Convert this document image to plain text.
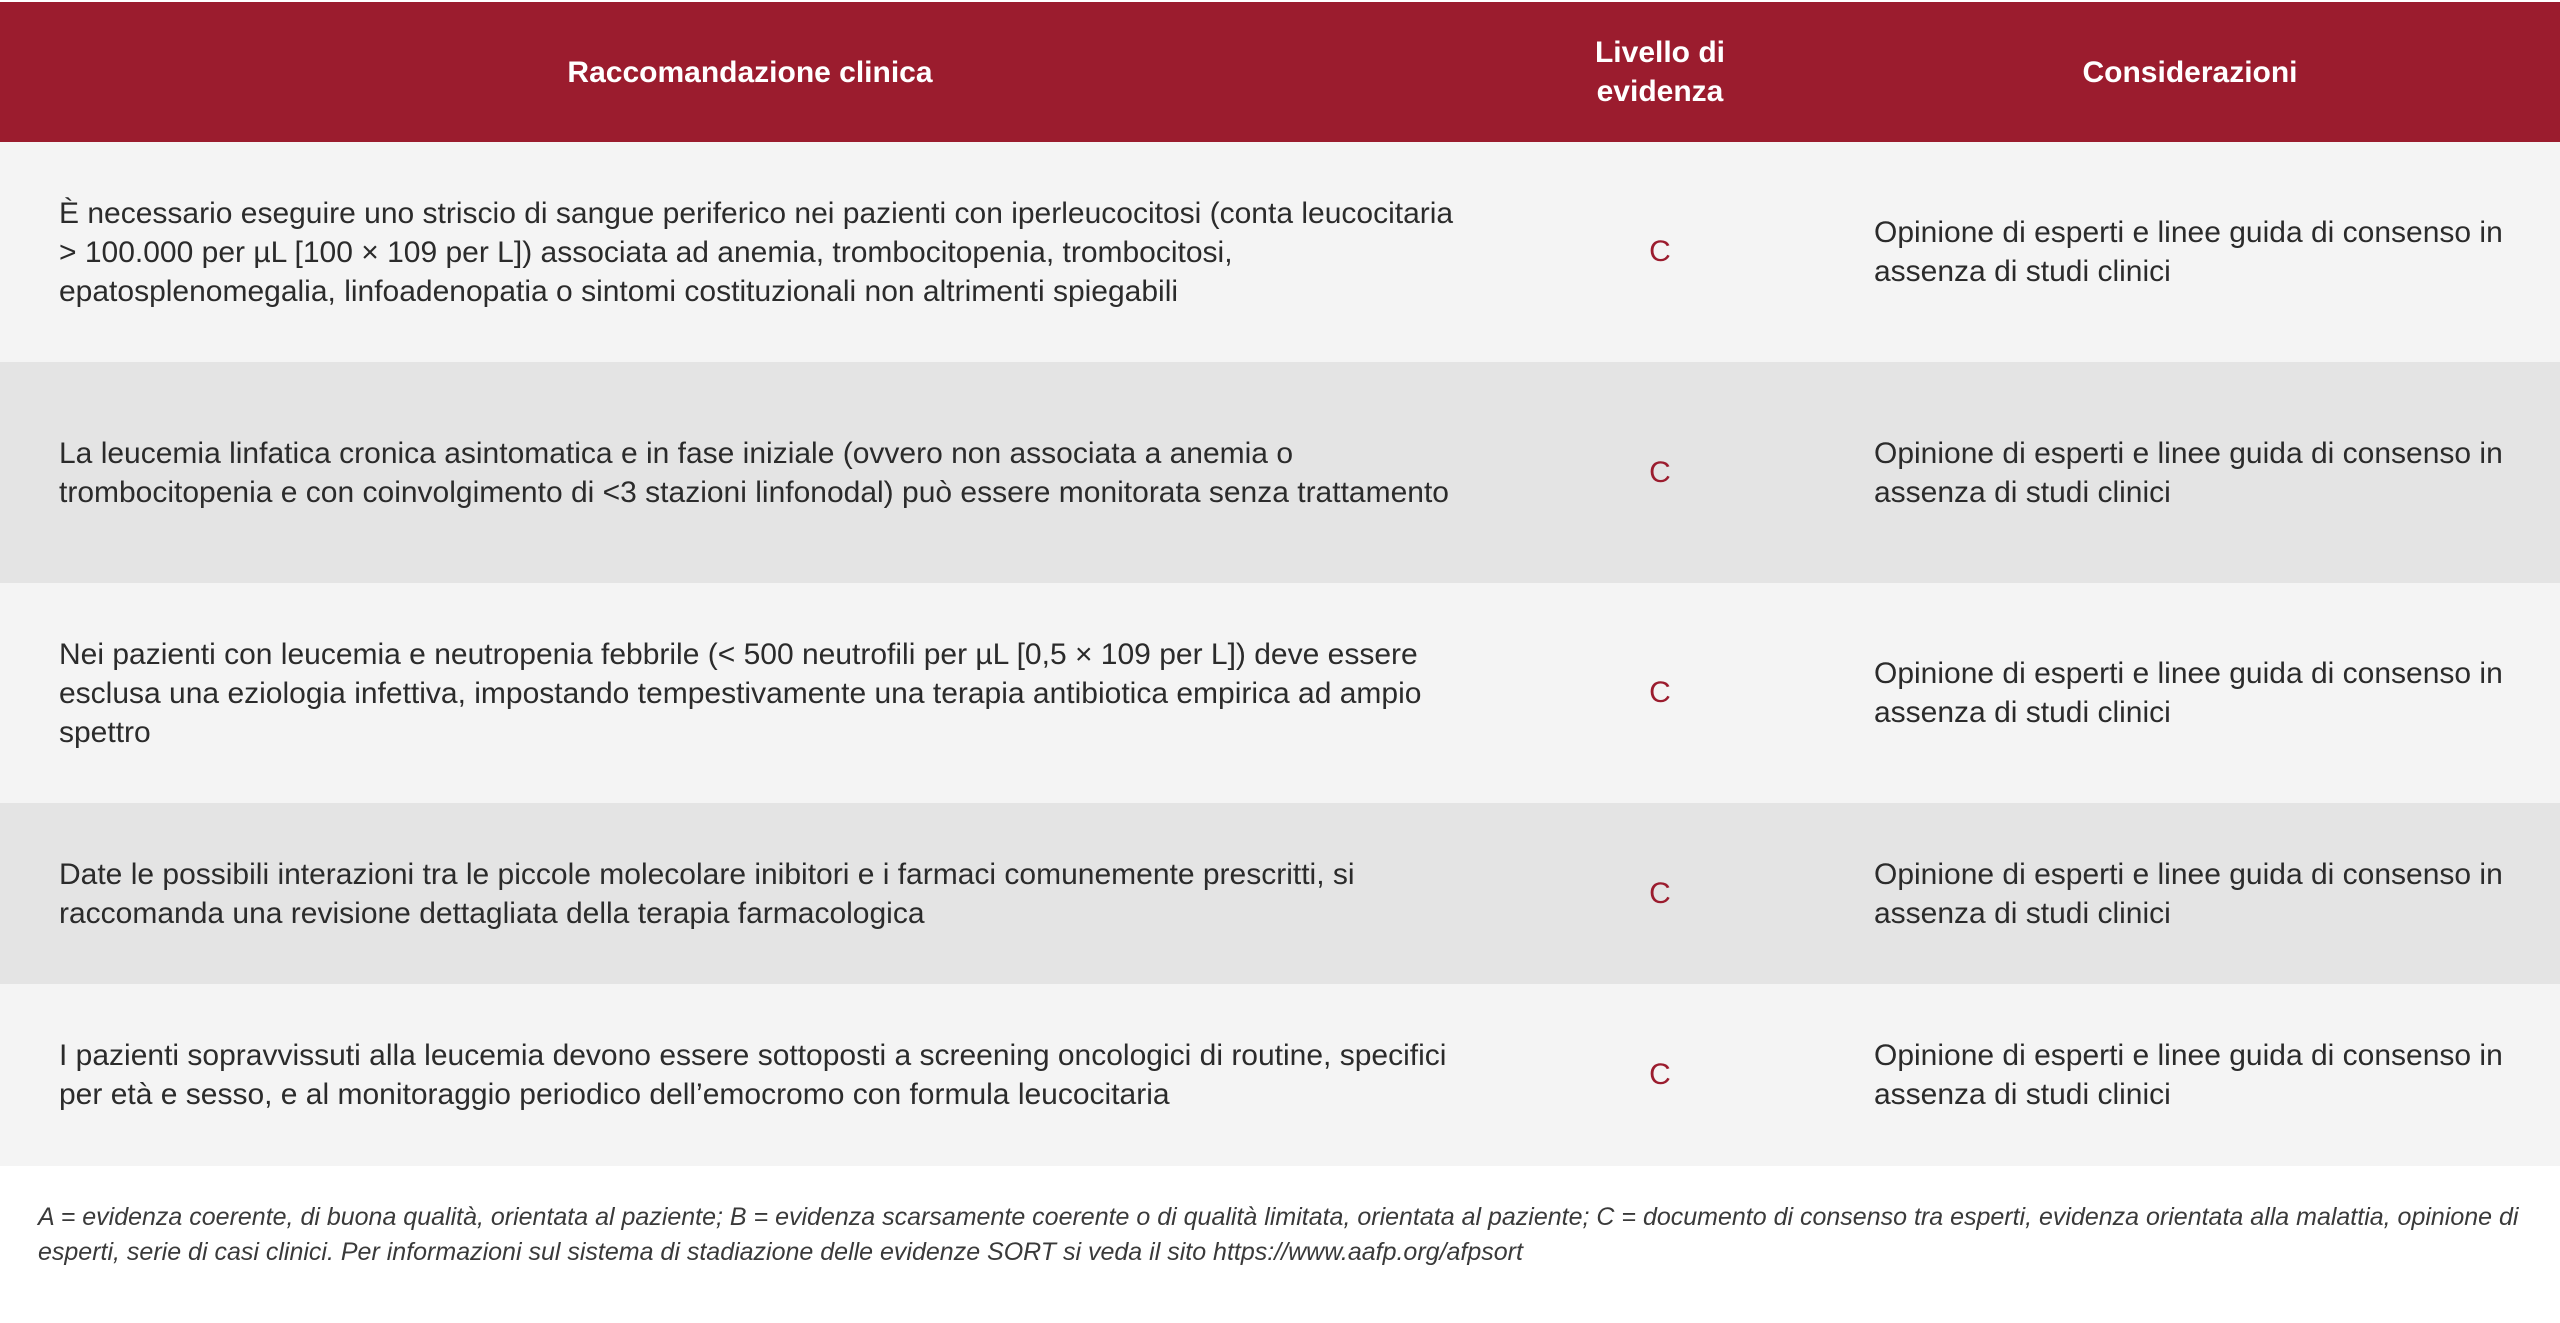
Raccomandazione clinica
Livello di
evidenza
Considerazioni
È necessario eseguire uno striscio di sangue periferico nei pazienti con iperleucocitosi (conta leucocitaria > 100.000 per µL [100 × 109 per L]) associata ad anemia, trombocitopenia, trombocitosi, epatosplenomegalia, linfoadenopatia o sintomi costituzionali non altrimenti spiegabili
C
Opinione di esperti e linee guida di consenso in assenza di studi clinici
La leucemia linfatica cronica asintomatica e in fase iniziale (ovvero non associata a anemia o trombocitopenia e con coinvolgimento di <3 stazioni linfonodal) può essere monitorata senza trattamento
C
Opinione di esperti e linee guida di consenso in assenza di studi clinici
Nei pazienti con leucemia e neutropenia febbrile (< 500 neutrofili per µL [0,5 × 109 per L]) deve essere esclusa una eziologia infettiva, impostando tempestivamente una terapia antibiotica empirica ad ampio spettro
C
Opinione di esperti e linee guida di consenso in assenza di studi clinici
Date le possibili interazioni tra le piccole molecolare inibitori e i farmaci comunemente prescritti, si raccomanda una revisione dettagliata della terapia farmacologica
C
Opinione di esperti e linee guida di consenso in assenza di studi clinici
I pazienti sopravvissuti alla leucemia devono essere sottoposti a screening oncologici di routine, specifici per età e sesso, e al monitoraggio periodico dell’emocromo con formula leucocitaria
C
Opinione di esperti e linee guida di consenso in assenza di studi clinici
A = evidenza coerente, di buona qualità, orientata al paziente; B = evidenza scarsamente coerente o di qualità limitata, orientata al paziente; C = documento di consenso tra esperti, evidenza orientata alla malattia, opinione di esperti, serie di casi clinici. Per informazioni sul sistema di stadiazione delle evidenze SORT si veda il sito https://www.aafp.org/afpsort
